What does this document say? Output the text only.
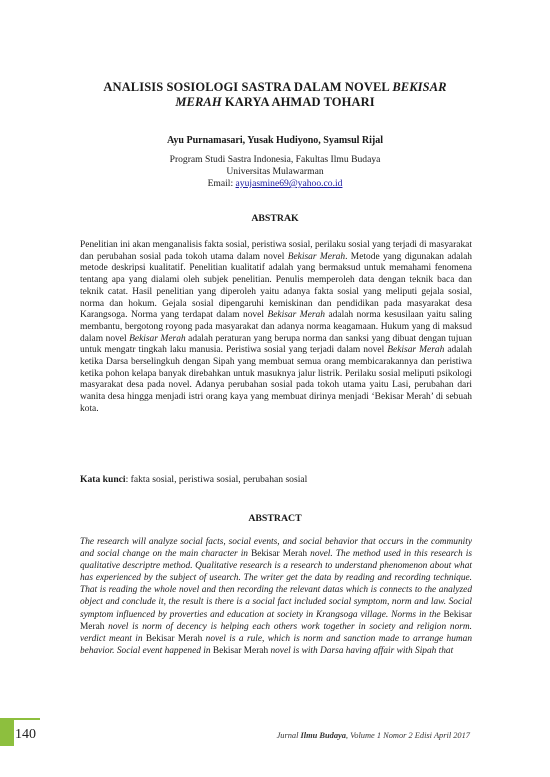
ANALISIS SOSIOLOGI SASTRA DALAM NOVEL BEKISAR
MERAH KARYA AHMAD TOHARI
Ayu Purnamasari, Yusak Hudiyono, Syamsul Rijal
Program Studi Sastra Indonesia, Fakultas Ilmu Budaya
Universitas Mulawarman
Email: ayujasmine69@yahoo.co.id
ABSTRAK
Penelitian ini akan menganalisis fakta sosial, peristiwa sosial, perilaku sosial yang terjadi di masyarakat dan perubahan sosial pada tokoh utama dalam novel Bekisar Merah. Metode yang digunakan adalah metode deskripsi kualitatif. Penelitian kualitatif adalah yang bermaksud untuk memahami fenomena tentang apa yang dialami oleh subjek penelitian. Penulis memperoleh data dengan teknik baca dan teknik catat. Hasil penelitian yang diperoleh yaitu adanya fakta sosial yang meliputi gejala sosial, norma dan hokum. Gejala sosial dipengaruhi kemiskinan dan pendidikan pada masyarakat desa Karangsoga. Norma yang terdapat dalam novel Bekisar Merah adalah norma kesusilaan yaitu saling membantu, bergotong royong pada masyarakat dan adanya norma keagamaan. Hukum yang di maksud dalam novel Bekisar Merah adalah peraturan yang berupa norma dan sanksi yang dibuat dengan tujuan untuk mengatr tingkah laku manusia. Peristiwa sosial yang terjadi dalam novel Bekisar Merah adalah ketika Darsa berselingkuh dengan Sipah yang membuat semua orang membicarakannya dan peristiwa ketika pohon kelapa banyak direbahkan untuk masuknya jalur listrik. Perilaku sosial meliputi psikologi masyarakat desa pada novel. Adanya perubahan sosial pada tokoh utama yaitu Lasi, perubahan dari wanita desa hingga menjadi istri orang kaya yang membuat dirinya menjadi ‘Bekisar Merah’ di sebuah kota.
Kata kunci: fakta sosial, peristiwa sosial, perubahan sosial
ABSTRACT
The research will analyze social facts, social events, and social behavior that occurs in the community and social change on the main character in Bekisar Merah novel. The method used in this research is qualitative descriptre method. Qualitative research is a research to understand phenomenon about what has experienced by the subject of usearch. The writer get the data by reading and recording technique. That is reading the whole novel and then recording the relevant datas which is connects to the analyzed object and conclude it, the result is there is a social fact included social symptom, norm and law. Social symptom influenced by proverties and education at society in Krangsoga village. Norms in the Bekisar Merah novel is norm of decency is helping each others work together in society and religion norm. verdict meant in Bekisar Merah novel is a rule, which is norm and sanction made to arrange human behavior. Social event happened in Bekisar Merah novel is with Darsa having affair with Sipah that
140	Jurnal Ilmu Budaya, Volume 1 Nomor 2 Edisi April 2017
